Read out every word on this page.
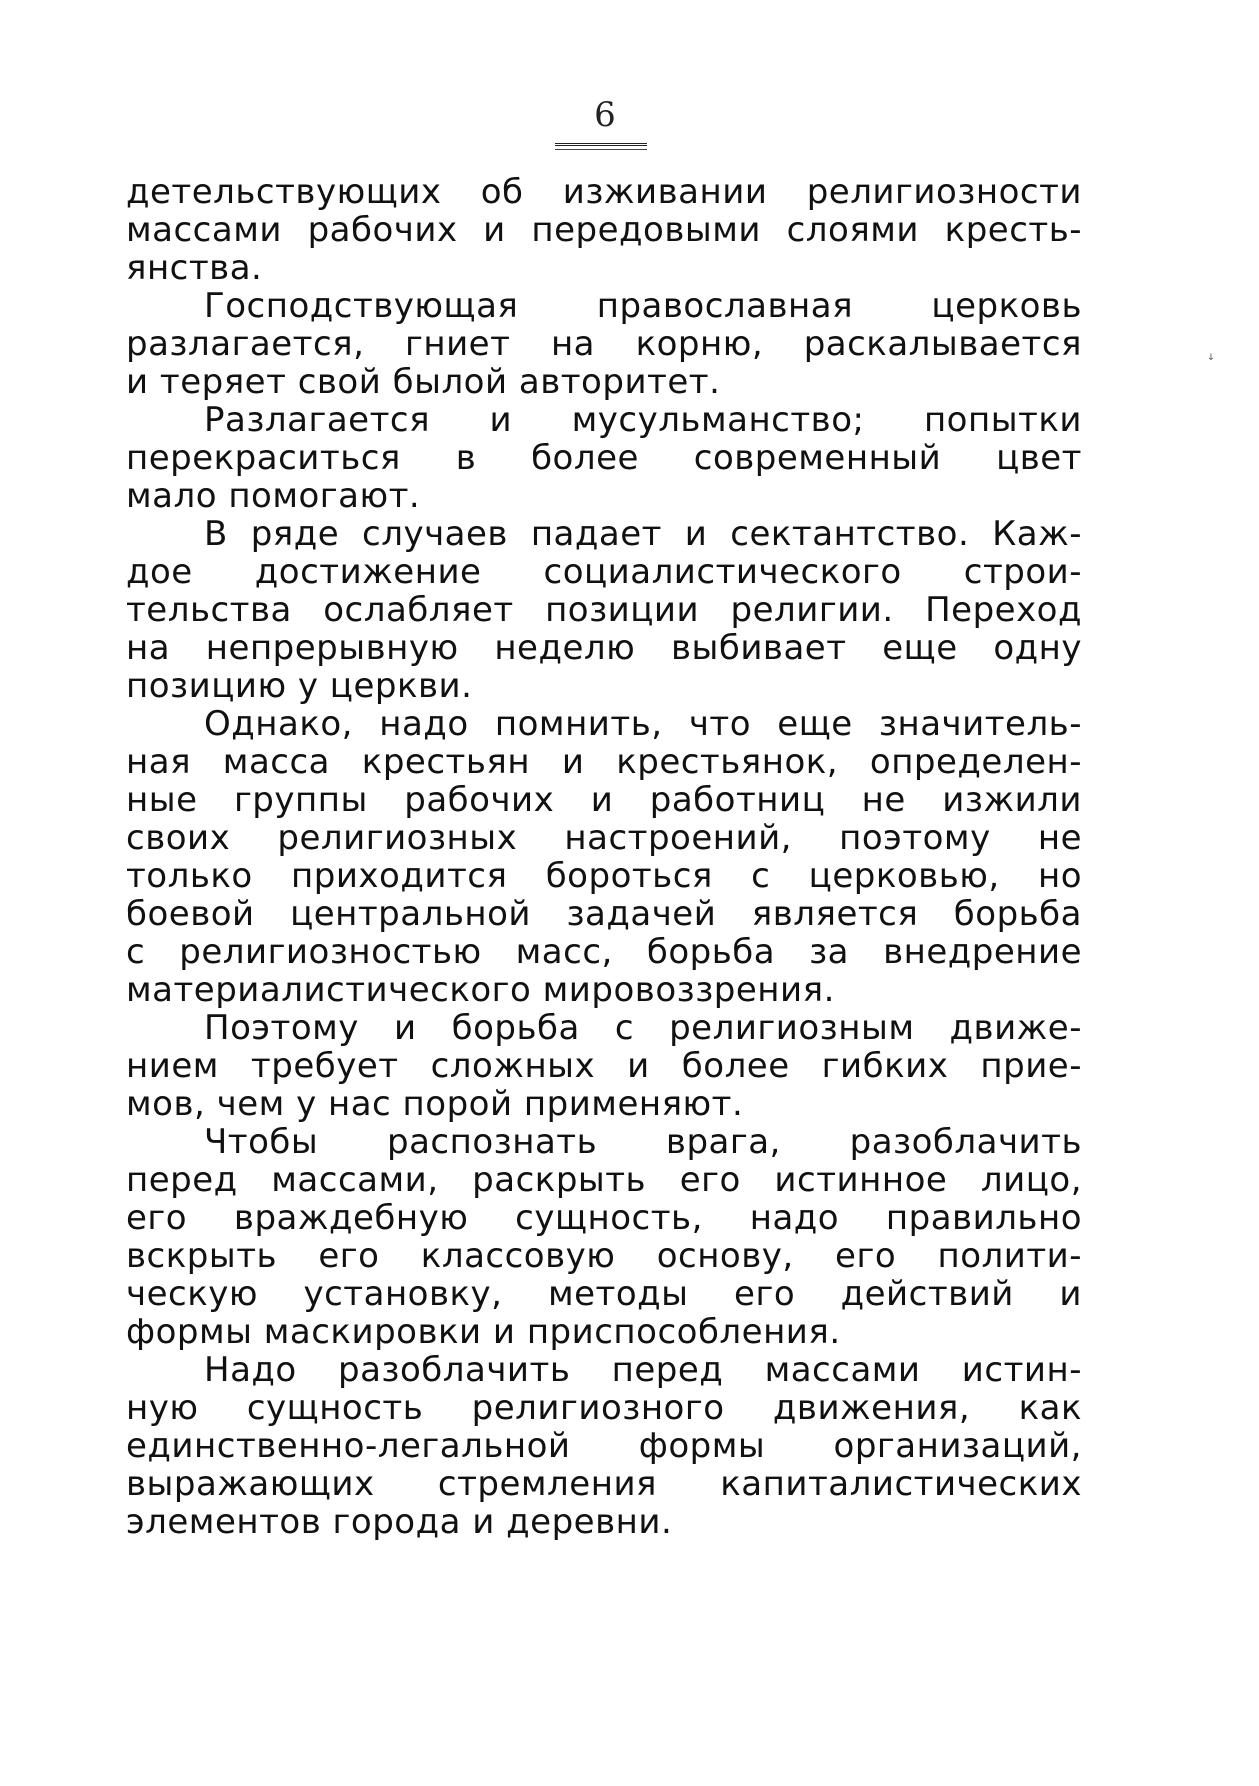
6
ꜜ
детельствующих об изживании религиозности
массами рабочих и передовыми слоями кресть-
янства.
Господствующая православная церковь
разлагается, гниет на корню, раскалывается
и теряет свой былой авторитет.
Разлагается и мусульманство; попытки
перекраситься в более современный цвет
мало помогают.
В ряде случаев падает и сектантство. Каж-
дое достижение социалистического строи-
тельства ослабляет позиции религии. Переход
на непрерывную неделю выбивает еще одну
позицию у церкви.
Однако, надо помнить, что еще значитель-
ная масса крестьян и крестьянок, определен-
ные группы рабочих и работниц не изжили
своих религиозных настроений, поэтому не
только приходится бороться с церковью, но
боевой центральной задачей является борьба
с религиозностью масс, борьба за внедрение
материалистического мировоззрения.
Поэтому и борьба с религиозным движе-
нием требует сложных и более гибких прие-
мов, чем у нас порой применяют.
Чтобы распознать врага, разоблачить
перед массами, раскрыть его истинное лицо,
его враждебную сущность, надо правильно
вскрыть его классовую основу, его полити-
ческую установку, методы его действий и
формы маскировки и приспособления.
Надо разоблачить перед массами истин-
ную сущность религиозного движения, как
единственно-легальной формы организаций,
выражающих стремления капиталистических
элементов города и деревни.
